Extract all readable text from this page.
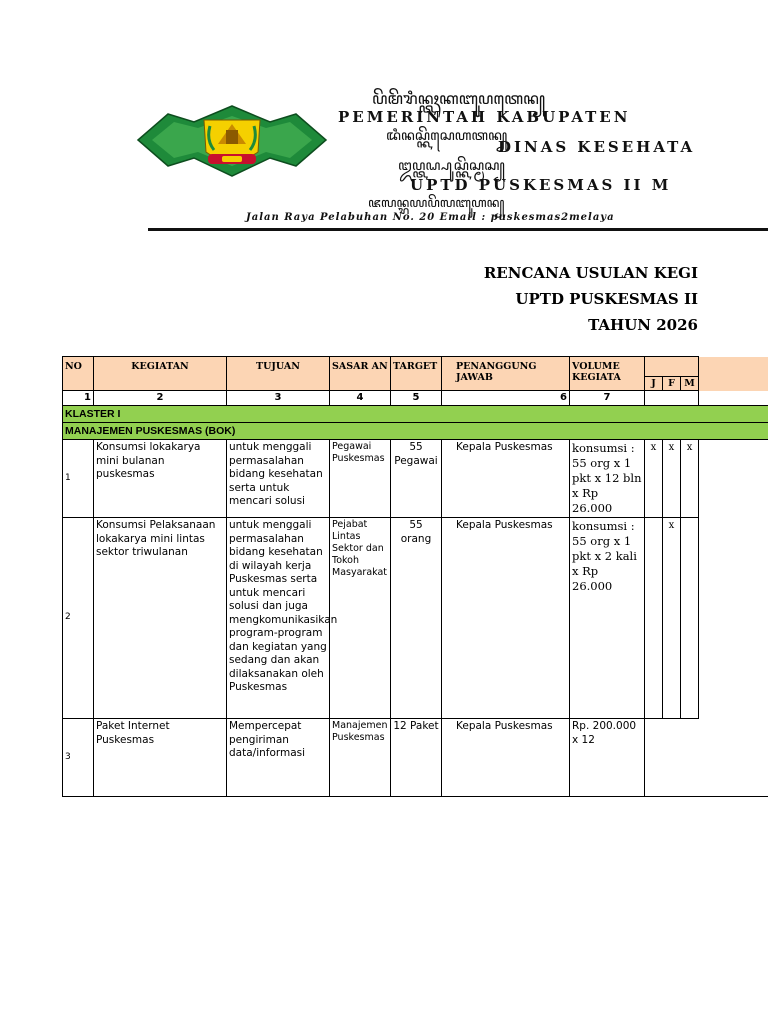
ꦥꦼꦩꦼꦫꦶꦤ꧀ꦠꦃꦏꦧꦸꦥꦠꦺꦤ꧀
PEMERINTAH KABUPATEN
ꦢꦶꦤꦱ꧀ꦏꦼꦱꦺꦲꦠꦤ꧀
DINAS KESEHATA
ꦈꦥ꧀ꦠꦝ꧀ꦥꦸꦱ꧀ꦏꦼꦱ꧀ꦩꦱ꧀
UPTD PUSKESMAS II M
ꦗꦭꦤ꧀ꦫꦪꦥꦼꦭꦧꦸꦲꦤ꧀
Jalan Raya Pelabuhan No. 20 Email : puskesmas2melaya
RENCANA USULAN KEGI
UPTD PUSKESMAS II
TAHUN 2026
NO	KEGIATAN	TUJUAN	SASAR AN	TARGET	PENANGGUNG JAWAB	VOLUME KEGIATA				
							J	F	M	
1	2	3	4	5	6	7				
KLASTER I										
MANAJEMEN PUSKESMAS (BOK)										
1	Konsumsi lokakarya mini bulanan puskesmas	untuk menggali permasalahan bidang kesehatan serta untuk mencari solusi	Pegawai Puskesmas	55 Pegawai	Kepala Puskesmas	konsumsi : 55 org x 1 pkt x 12 bln x Rp 26.000	x	x	x	
2	Konsumsi Pelaksanaan lokakarya mini lintas sektor triwulanan	untuk menggali permasalahan bidang kesehatan di wilayah kerja Puskesmas serta untuk mencari solusi dan juga mengkomunikasikan program-program dan kegiatan yang sedang dan akan dilaksanakan oleh Puskesmas	Pejabat Lintas Sektor dan Tokoh Masyarakat	55 orang	Kepala Puskesmas	konsumsi : 55 org x 1 pkt x 2 kali x Rp 26.000		x		
3	Paket Internet Puskesmas	Mempercepat pengiriman data/informasi	Manajemen Puskesmas	12 Paket	Kepala Puskesmas	Rp. 200.000 x 12				
